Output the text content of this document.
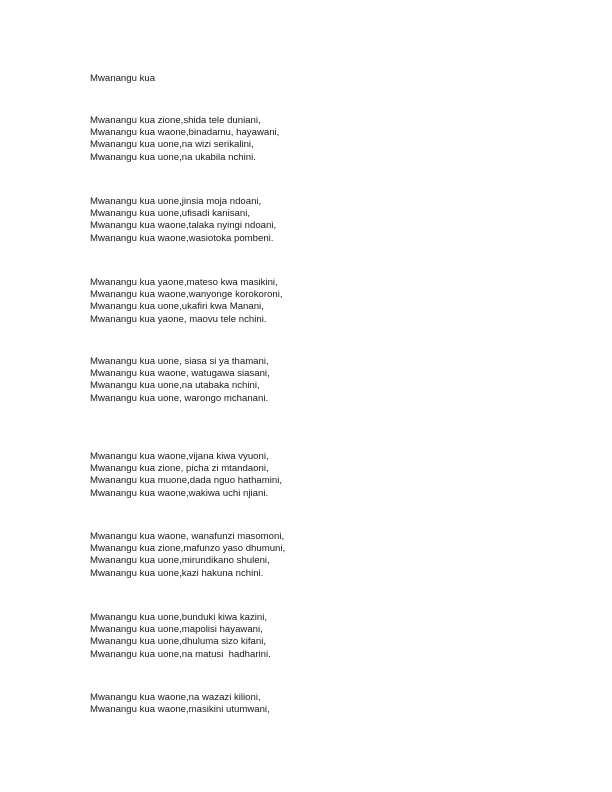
Mwanangu kua
Mwanangu kua zione,shida tele duniani,
Mwanangu kua waone,binadamu, hayawani,
Mwanangu kua uone,na wizi serikalini,
Mwanangu kua uone,na ukabila nchini.
Mwanangu kua uone,jinsia moja ndoani,
Mwanangu kua uone,ufisadi kanisani,
Mwanangu kua waone,talaka nyingi ndoani,
Mwanangu kua waone,wasiotoka pombeni.
Mwanangu kua yaone,mateso kwa masikini,
Mwanangu kua waone,wanyonge korokoroni,
Mwanangu kua uone,ukafiri kwa Manani,
Mwanangu kua yaone, maovu tele nchini.
Mwanangu kua uone, siasa si ya thamani,
Mwanangu kua waone, watugawa siasani,
Mwanangu kua uone,na utabaka nchini,
Mwanangu kua uone, warongo mchanani.
Mwanangu kua waone,vijana kiwa vyuoni,
Mwanangu kua zione, picha zi mtandaoni,
Mwanangu kua muone,dada nguo hathamini,
Mwanangu kua waone,wakiwa uchi njiani.
Mwanangu kua waone, wanafunzi masomoni,
Mwanangu kua zione,mafunzo yaso dhumuni,
Mwanangu kua uone,mirundikano shuleni,
Mwanangu kua uone,kazi hakuna nchini.
Mwanangu kua uone,bunduki kiwa kazini,
Mwanangu kua uone,mapolisi hayawani,
Mwanangu kua uone,dhuluma sizo kifani,
Mwanangu kua uone,na matusi  hadharini.
Mwanangu kua waone,na wazazi kilioni,
Mwanangu kua waone,masikini utumwani,
